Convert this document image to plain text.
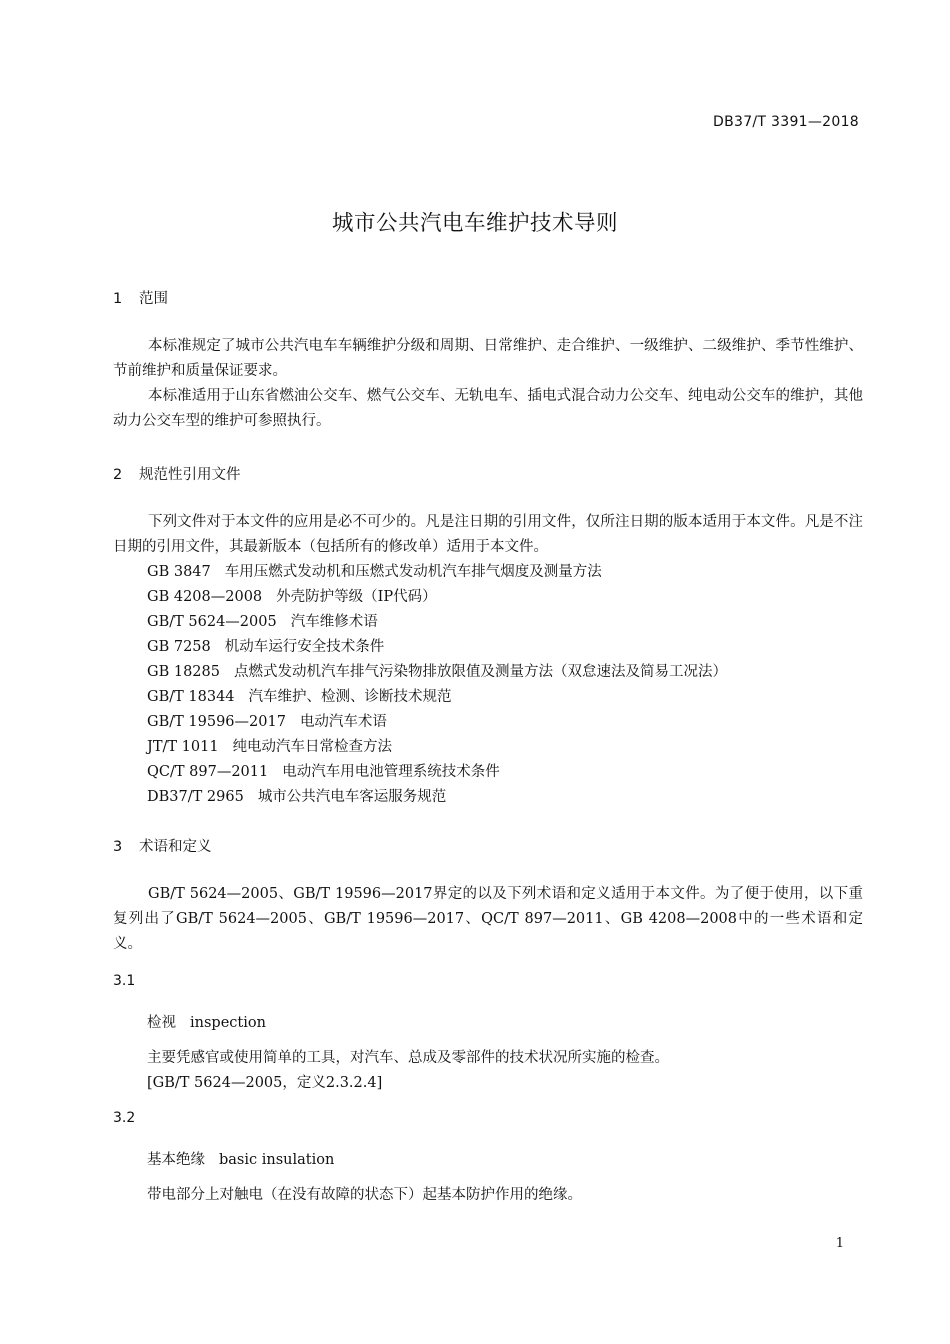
DB37/T 3391—2018
城市公共汽电车维护技术导则
1 范围

本标准规定了城市公共汽电车车辆维护分级和周期、日常维护、走合维护、一级维护、二级维护、季节性维护、节前维护和质量保证要求。

本标准适用于山东省燃油公交车、燃气公交车、无轨电车、插电式混合动力公交车、纯电动公交车的维护，其他动力公交车型的维护可参照执行。

2 规范性引用文件

下列文件对于本文件的应用是必不可少的。凡是注日期的引用文件，仅所注日期的版本适用于本文件。凡是不注日期的引用文件，其最新版本（包括所有的修改单）适用于本文件。

GB 3847 车用压燃式发动机和压燃式发动机汽车排气烟度及测量方法
GB 4208—2008 外壳防护等级（IP代码）
GB/T 5624—2005 汽车维修术语
GB 7258 机动车运行安全技术条件
GB 18285 点燃式发动机汽车排气污染物排放限值及测量方法（双怠速法及简易工况法）
GB/T 18344 汽车维护、检测、诊断技术规范
GB/T 19596—2017 电动汽车术语
JT/T 1011 纯电动汽车日常检查方法
QC/T 897—2011 电动汽车用电池管理系统技术条件
DB37/T 2965 城市公共汽电车客运服务规范
3 术语和定义

GB/T 5624—2005、GB/T 19596—2017界定的以及下列术语和定义适用于本文件。为了便于使用，以下重复列出了GB/T 5624—2005、GB/T 19596—2017、QC/T 897—2011、GB 4208—2008中的一些术语和定义。

3.1
检视 inspection
主要凭感官或使用简单的工具，对汽车、总成及零部件的技术状况所实施的检查。
[GB/T 5624—2005，定义2.3.2.4]
3.2
基本绝缘 basic insulation
带电部分上对触电（在没有故障的状态下）起基本防护作用的绝缘。
1
